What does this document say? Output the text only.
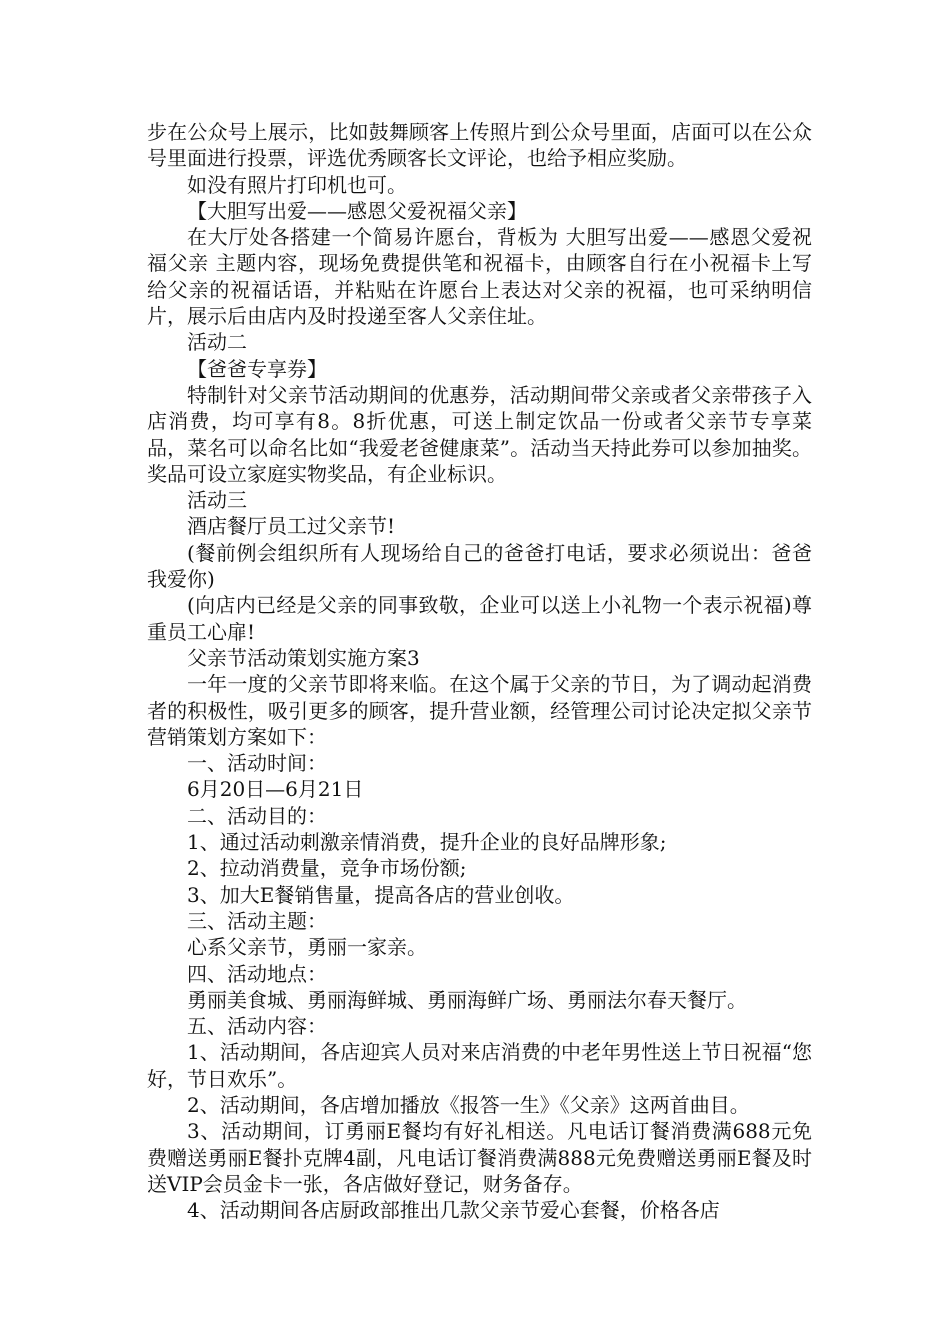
步在公众号上展示，比如鼓舞顾客上传照片到公众号里面，店面可以在公众号里面进行投票，评选优秀顾客长文评论，也给予相应奖励。

如没有照片打印机也可。

【大胆写出爱——感恩父爱祝福父亲】

在大厅处各搭建一个简易许愿台，背板为 大胆写出爱——感恩父爱祝福父亲 主题内容，现场免费提供笔和祝福卡，由顾客自行在小祝福卡上写给父亲的祝福话语，并粘贴在许愿台上表达对父亲的祝福，也可采纳明信片，展示后由店内及时投递至客人父亲住址。

活动二

【爸爸专享券】

特制针对父亲节活动期间的优惠券，活动期间带父亲或者父亲带孩子入店消费，均可享有8。8折优惠，可送上制定饮品一份或者父亲节专享菜品，菜名可以命名比如“我爱老爸健康菜”。活动当天持此券可以参加抽奖。奖品可设立家庭实物奖品，有企业标识。

活动三

酒店餐厅员工过父亲节!

(餐前例会组织所有人现场给自己的爸爸打电话，要求必须说出：爸爸我爱你)

(向店内已经是父亲的同事致敬，企业可以送上小礼物一个表示祝福)尊重员工心扉!

父亲节活动策划实施方案3

一年一度的父亲节即将来临。在这个属于父亲的节日，为了调动起消费者的积极性，吸引更多的顾客，提升营业额，经管理公司讨论决定拟父亲节营销策划方案如下：

一、活动时间：

6月20日—6月21日

二、活动目的：

1、通过活动刺激亲情消费，提升企业的良好品牌形象;

2、拉动消费量，竞争市场份额;

3、加大E餐销售量，提高各店的营业创收。

三、活动主题：

心系父亲节，勇丽一家亲。

四、活动地点：

勇丽美食城、勇丽海鲜城、勇丽海鲜广场、勇丽法尔春天餐厅。

五、活动内容：

1、活动期间，各店迎宾人员对来店消费的中老年男性送上节日祝福“您好，节日欢乐”。

2、活动期间，各店增加播放《报答一生》《父亲》这两首曲目。

3、活动期间，订勇丽E餐均有好礼相送。凡电话订餐消费满688元免费赠送勇丽E餐扑克牌4副，凡电话订餐消费满888元免费赠送勇丽E餐及时送VIP会员金卡一张，各店做好登记，财务备存。

4、活动期间各店厨政部推出几款父亲节爱心套餐，价格各店
